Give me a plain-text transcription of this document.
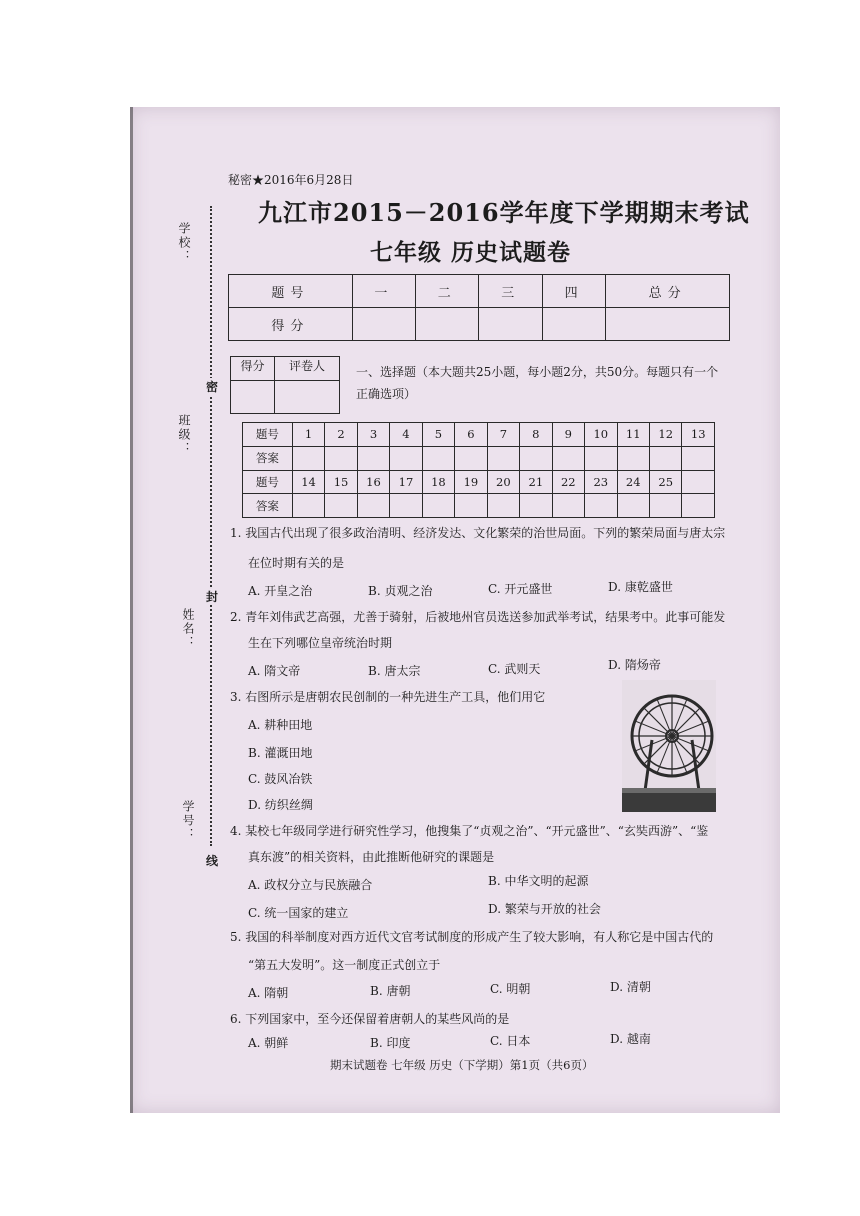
学校：
班级：
姓名：
学号：
密
封
线
秘密★2016年6月28日
九江市2015－2016学年度下学期期末考试
七年级 历史试题卷
题号	一	二	三	四	总分
得分					
得分	评卷人
		一、选择题（本大题共25小题，每小题2分，共50分。每题只有一个正确选项）
题号	1	2	3	4	5	6	7	8	9	10	11	12	13
答案													
题号	14	15	16	17	18	19	20	21	22	23	24	25	
答案													
1. 我国古代出现了很多政治清明、经济发达、文化繁荣的治世局面。下列的繁荣局面与唐太宗
在位时期有关的是
A. 开皇之治	B. 贞观之治	C. 开元盛世	D. 康乾盛世
2. 青年刘伟武艺高强，尤善于骑射，后被地州官员选送参加武举考试，结果考中。此事可能发
生在下列哪位皇帝统治时期
A. 隋文帝	B. 唐太宗	C. 武则天	D. 隋炀帝
3. 右图所示是唐朝农民创制的一种先进生产工具，他们用它
A. 耕种田地
B. 灌溉田地
C. 鼓风冶铁
D. 纺织丝绸
4. 某校七年级同学进行研究性学习，他搜集了“贞观之治”、“开元盛世”、“玄奘西游”、“鉴
真东渡”的相关资料，由此推断他研究的课题是
A. 政权分立与民族融合	B. 中华文明的起源
C. 统一国家的建立	D. 繁荣与开放的社会
5. 我国的科举制度对西方近代文官考试制度的形成产生了较大影响，有人称它是中国古代的
“第五大发明”。这一制度正式创立于
A. 隋朝	B. 唐朝	C. 明朝	D. 清朝
6. 下列国家中，至今还保留着唐朝人的某些风尚的是
A. 朝鲜	B. 印度	C. 日本	D. 越南
期末试题卷 七年级 历史（下学期）第1页（共6页）
